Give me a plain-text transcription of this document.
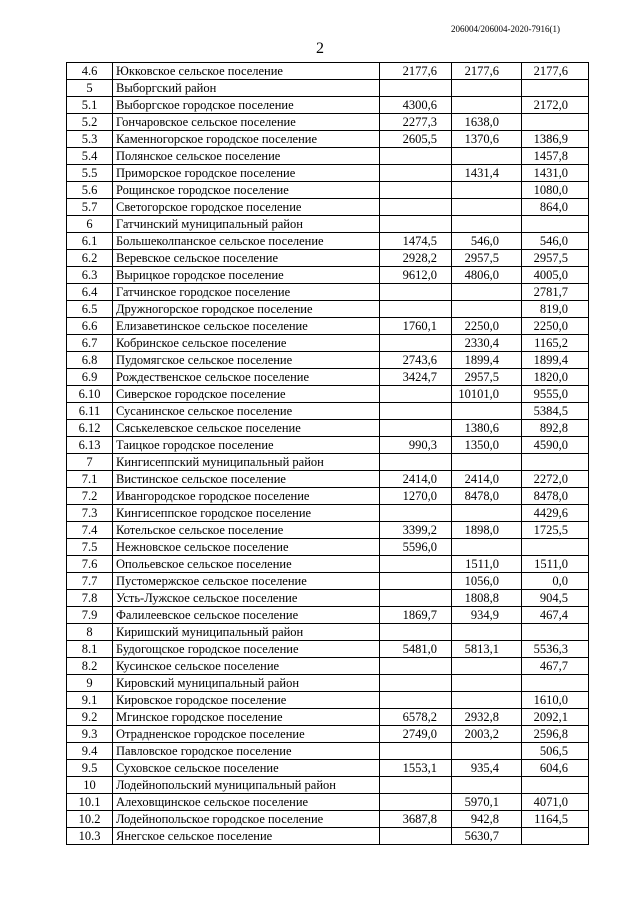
206004/206004-2020-7916(1)
2
4.6	Юкковское сельское поселение	2177,6	2177,6	2177,6
5	Выборгский район			
5.1	Выборгское городское поселение	4300,6		2172,0
5.2	Гончаровское сельское поселение	2277,3	1638,0	
5.3	Каменногорское городское поселение	2605,5	1370,6	1386,9
5.4	Полянское сельское поселение			1457,8
5.5	Приморское городское поселение		1431,4	1431,0
5.6	Рощинское городское поселение			1080,0
5.7	Светогорское городское поселение			864,0
6	Гатчинский муниципальный район			
6.1	Большеколпанское сельское поселение	1474,5	546,0	546,0
6.2	Веревское сельское поселение	2928,2	2957,5	2957,5
6.3	Вырицкое городское поселение	9612,0	4806,0	4005,0
6.4	Гатчинское городское поселение			2781,7
6.5	Дружногорское городское поселение			819,0
6.6	Елизаветинское сельское поселение	1760,1	2250,0	2250,0
6.7	Кобринское сельское поселение		2330,4	1165,2
6.8	Пудомягское сельское поселение	2743,6	1899,4	1899,4
6.9	Рождественское сельское поселение	3424,7	2957,5	1820,0
6.10	Сиверское городское поселение		10101,0	9555,0
6.11	Сусанинское сельское поселение			5384,5
6.12	Сяськелевское сельское поселение		1380,6	892,8
6.13	Таицкое городское поселение	990,3	1350,0	4590,0
7	Кингисеппский муниципальный район			
7.1	Вистинское сельское поселение	2414,0	2414,0	2272,0
7.2	Ивангородское городское поселение	1270,0	8478,0	8478,0
7.3	Кингисеппское городское поселение			4429,6
7.4	Котельское сельское поселение	3399,2	1898,0	1725,5
7.5	Нежновское сельское поселение	5596,0		
7.6	Опольевское сельское поселение		1511,0	1511,0
7.7	Пустомержское сельское поселение		1056,0	0,0
7.8	Усть-Лужское сельское поселение		1808,8	904,5
7.9	Фалилеевское сельское поселение	1869,7	934,9	467,4
8	Киришский муниципальный район			
8.1	Будогощское городское поселение	5481,0	5813,1	5536,3
8.2	Кусинское сельское поселение			467,7
9	Кировский муниципальный район			
9.1	Кировское городское поселение			1610,0
9.2	Мгинское городское поселение	6578,2	2932,8	2092,1
9.3	Отрадненское городское поселение	2749,0	2003,2	2596,8
9.4	Павловское городское поселение			506,5
9.5	Суховское сельское поселение	1553,1	935,4	604,6
10	Лодейнопольский муниципальный район			
10.1	Алеховщинское сельское поселение		5970,1	4071,0
10.2	Лодейнопольское городское поселение	3687,8	942,8	1164,5
10.3	Янегское сельское поселение		5630,7	
